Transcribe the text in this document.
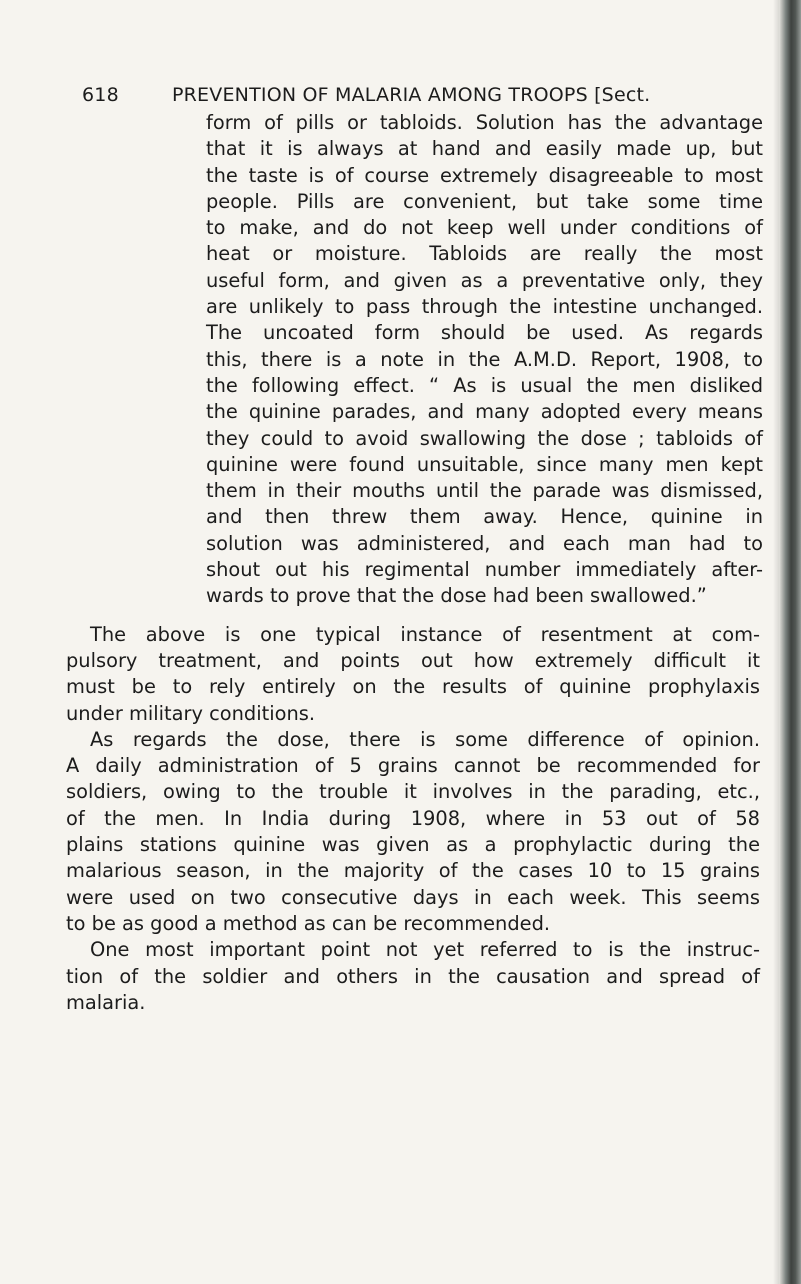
618	PREVENTION OF MALARIA AMONG TROOPS [Sect.
form of pills or tabloids. Solution has the advantage
that it is always at hand and easily made up, but
the taste is of course extremely disagreeable to most
people. Pills are convenient, but take some time
to make, and do not keep well under conditions of
heat or moisture. Tabloids are really the most
useful form, and given as a preventative only, they
are unlikely to pass through the intestine unchanged.
The uncoated form should be used. As regards
this, there is a note in the A.M.D. Report, 1908, to
the following effect. “ As is usual the men disliked
the quinine parades, and many adopted every means
they could to avoid swallowing the dose ; tabloids of
quinine were found unsuitable, since many men kept
them in their mouths until the parade was dismissed,
and then threw them away. Hence, quinine in
solution was administered, and each man had to
shout out his regimental number immediately after-
wards to prove that the dose had been swallowed.”
The above is one typical instance of resentment at com-
pulsory treatment, and points out how extremely difficult it
must be to rely entirely on the results of quinine prophylaxis
under military conditions.
As regards the dose, there is some difference of opinion.
A daily administration of 5 grains cannot be recommended for
soldiers, owing to the trouble it involves in the parading, etc.,
of the men. In India during 1908, where in 53 out of 58
plains stations quinine was given as a prophylactic during the
malarious season, in the majority of the cases 10 to 15 grains
were used on two consecutive days in each week. This seems
to be as good a method as can be recommended.
One most important point not yet referred to is the instruc-
tion of the soldier and others in the causation and spread of
malaria.
